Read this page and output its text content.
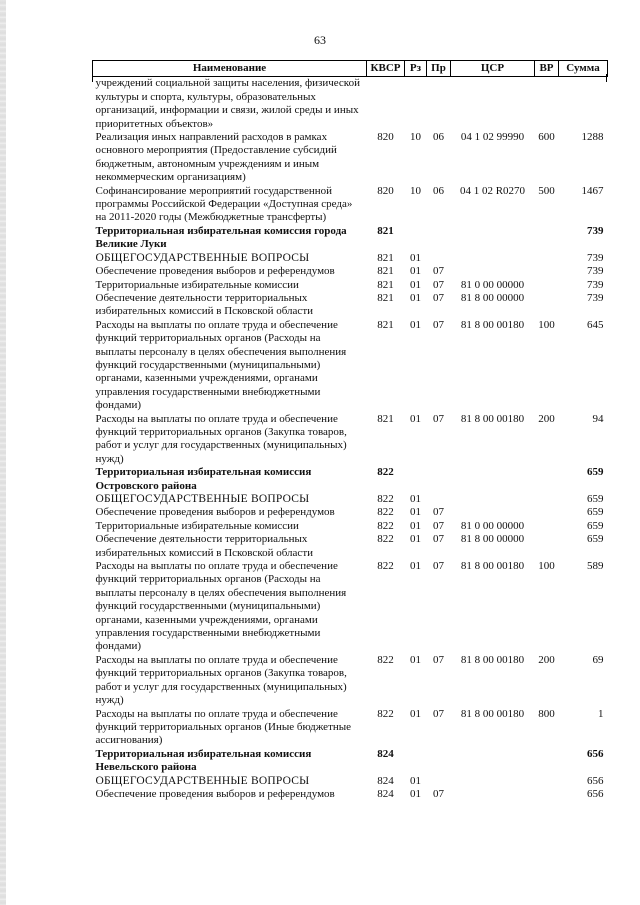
63
Наименование	КВСР	Рз	Пр	ЦСР	ВР	Сумма
учреждений социальной защиты населения, физической культуры и спорта, культуры, образовательных организаций, информации и связи, жилой среды и иных приоритетных объектов»						
Реализация иных направлений расходов в рамках основного мероприятия (Предоставление субсидий бюджетным, автономным учреждениям и иным некоммерческим организациям)	820	10	06	04 1 02 99990	600	1288
Софинансирование мероприятий государственной программы Российской Федерации «Доступная среда» на 2011-2020 годы (Межбюджетные трансферты)	820	10	06	04 1 02 R0270	500	1467
Территориальная избирательная комиссия города Великие Луки	821					739
ОБЩЕГОСУДАРСТВЕННЫЕ ВОПРОСЫ	821	01				739
Обеспечение проведения выборов и референдумов	821	01	07			739
Территориальные избирательные комиссии	821	01	07	81 0 00 00000		739
Обеспечение деятельности территориальных избирательных комиссий в Псковской области	821	01	07	81 8 00 00000		739
Расходы на выплаты по оплате труда и обеспечение функций территориальных органов (Расходы на выплаты персоналу в целях обеспечения выполнения функций государственными (муниципальными) органами, казенными учреждениями, органами управления государственными внебюджетными фондами)	821	01	07	81 8 00 00180	100	645
Расходы на выплаты по оплате труда и обеспечение функций территориальных органов (Закупка товаров, работ и услуг для государственных (муниципальных) нужд)	821	01	07	81 8 00 00180	200	94
Территориальная избирательная комиссия Островского района	822					659
ОБЩЕГОСУДАРСТВЕННЫЕ ВОПРОСЫ	822	01				659
Обеспечение проведения выборов и референдумов	822	01	07			659
Территориальные избирательные комиссии	822	01	07	81 0 00 00000		659
Обеспечение деятельности территориальных избирательных комиссий в Псковской области	822	01	07	81 8 00 00000		659
Расходы на выплаты по оплате труда и обеспечение функций территориальных органов (Расходы на выплаты персоналу в целях обеспечения выполнения функций государственными (муниципальными) органами, казенными учреждениями, органами управления государственными внебюджетными фондами)	822	01	07	81 8 00 00180	100	589
Расходы на выплаты по оплате труда и обеспечение функций территориальных органов (Закупка товаров, работ и услуг для государственных (муниципальных) нужд)	822	01	07	81 8 00 00180	200	69
Расходы на выплаты по оплате труда и обеспечение функций территориальных органов (Иные бюджетные ассигнования)	822	01	07	81 8 00 00180	800	1
Территориальная избирательная комиссия Невельского района	824					656
ОБЩЕГОСУДАРСТВЕННЫЕ ВОПРОСЫ	824	01				656
Обеспечение проведения выборов и референдумов	824	01	07			656
